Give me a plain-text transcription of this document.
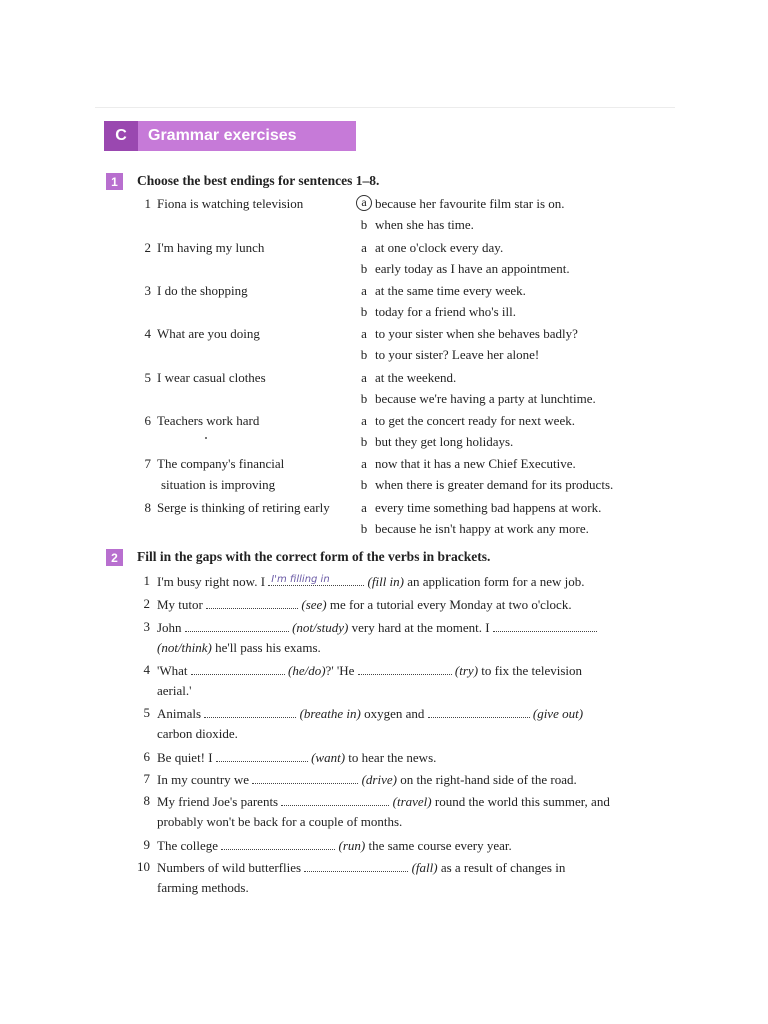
C	Grammar exercises
1	Choose the best endings for sentences 1–8.
1 Fiona is watching television	a because her favourite film star is on.
b when she has time.
2 I'm having my lunch	a at one o'clock every day.
b early today as I have an appointment.
3 I do the shopping	a at the same time every week.
b today for a friend who's ill.
4 What are you doing	a to your sister when she behaves badly?
b to your sister? Leave her alone!
5 I wear casual clothes	a at the weekend.
b because we're having a party at lunchtime.
6 Teachers work hard	a to get the concert ready for next week.
b but they get long holidays.
7 The company's financial	a now that it has a new Chief Executive.
situation is improving	b when there is greater demand for its products.
8 Serge is thinking of retiring early	a every time something bad happens at work.
b because he isn't happy at work any more.
2	Fill in the gaps with the correct form of the verbs in brackets.
1 I'm busy right now. I I'm filling in	(fill in) an application form for a new job.
2 My tutor	(see) me for a tutorial every Monday at two o'clock.
3 John	(not/study) very hard at the moment. I
(not/think) he'll pass his exams.
4 'What	(he/do)?' 'He	(try) to fix the television
aerial.'
5 Animals	(breathe in) oxygen and	(give out)
carbon dioxide.
6 Be quiet! I	(want) to hear the news.
7 In my country we	(drive) on the right-hand side of the road.
8 My friend Joe's parents	(travel) round the world this summer, and
probably won't be back for a couple of months.
9 The college	(run) the same course every year.
10 Numbers of wild butterflies	(fall) as a result of changes in
farming methods.
